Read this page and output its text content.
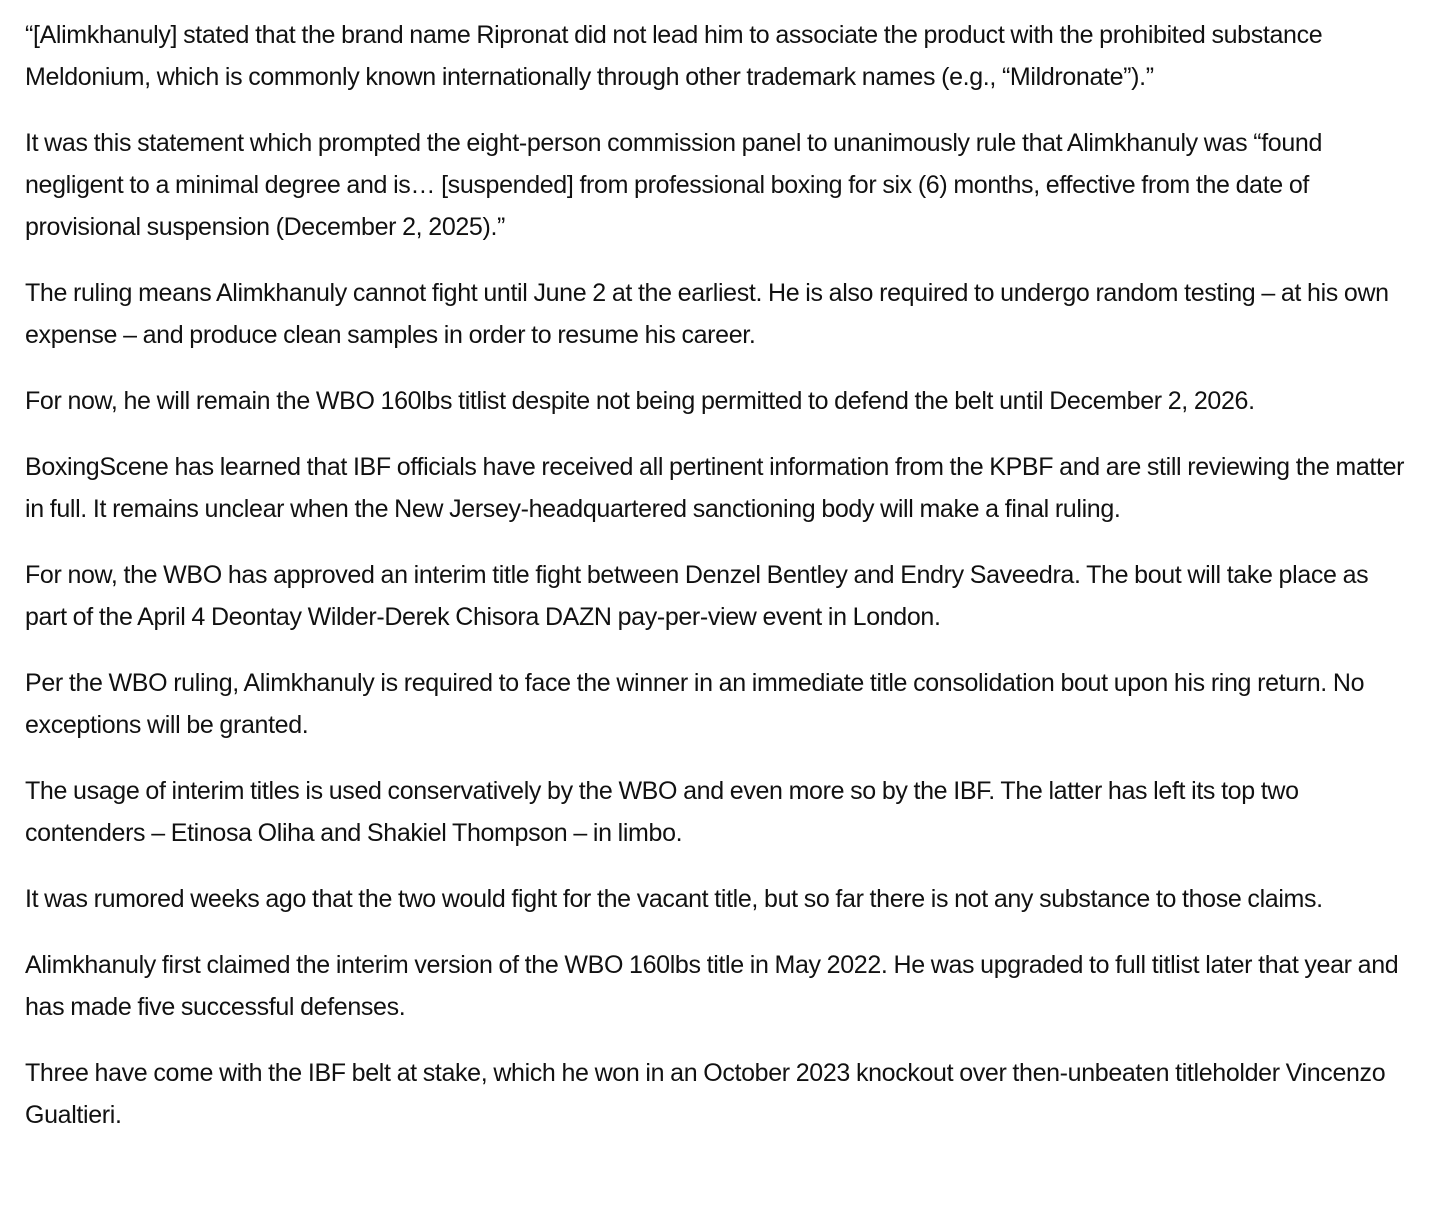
“[Alimkhanuly] stated that the brand name Ripronat did not lead him to associate the product with the prohibited substance Meldonium, which is commonly known internationally through other trademark names (e.g., “Mildronate”).”

It was this statement which prompted the eight-person commission panel to unanimously rule that Alimkhanuly was “found negligent to a minimal degree and is… [suspended] from professional boxing for six (6) months, effective from the date of provisional suspension (December 2, 2025).”

The ruling means Alimkhanuly cannot fight until June 2 at the earliest. He is also required to undergo random testing – at his own expense – and produce clean samples in order to resume his career.

For now, he will remain the WBO 160lbs titlist despite not being permitted to defend the belt until December 2, 2026.

BoxingScene has learned that IBF officials have received all pertinent information from the KPBF and are still reviewing the matter in full. It remains unclear when the New Jersey-headquartered sanctioning body will make a final ruling.

For now, the WBO has approved an interim title fight between Denzel Bentley and Endry Saveedra. The bout will take place as part of the April 4 Deontay Wilder-Derek Chisora DAZN pay-per-view event in London.

Per the WBO ruling, Alimkhanuly is required to face the winner in an immediate title consolidation bout upon his ring return. No exceptions will be granted.

The usage of interim titles is used conservatively by the WBO and even more so by the IBF. The latter has left its top two contenders – Etinosa Oliha and Shakiel Thompson – in limbo.

It was rumored weeks ago that the two would fight for the vacant title, but so far there is not any substance to those claims.

Alimkhanuly first claimed the interim version of the WBO 160lbs title in May 2022. He was upgraded to full titlist later that year and has made five successful defenses.

Three have come with the IBF belt at stake, which he won in an October 2023 knockout over then-unbeaten titleholder Vincenzo Gualtieri.
